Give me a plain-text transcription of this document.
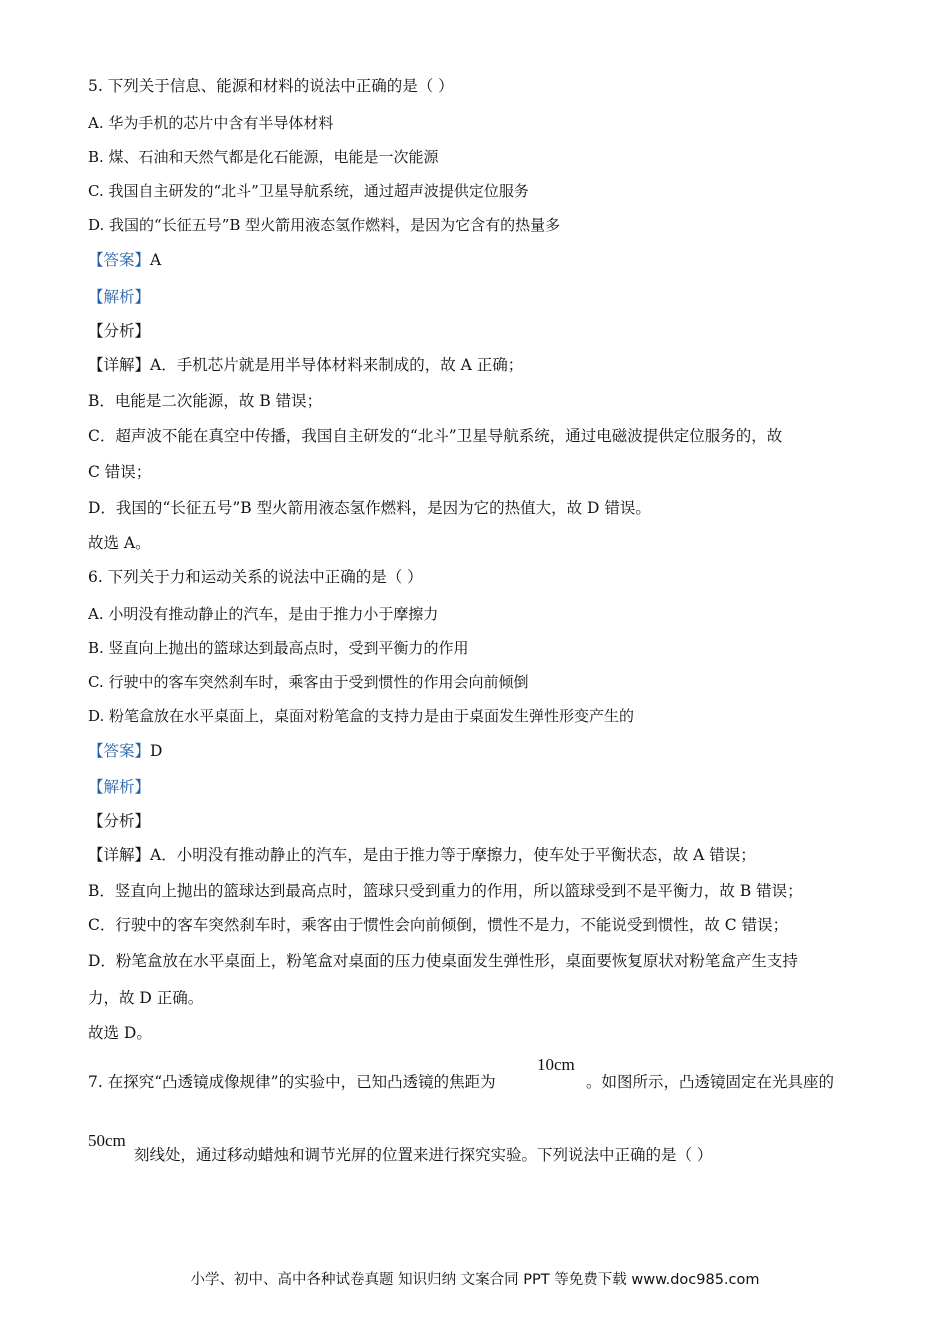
5. 下列关于信息、能源和材料的说法中正确的是（ ）
A. 华为手机的芯片中含有半导体材料
B. 煤、石油和天然气都是化石能源，电能是一次能源
C. 我国自主研发的“北斗”卫星导航系统，通过超声波提供定位服务
D. 我国的“长征五号”B 型火箭用液态氢作燃料，是因为它含有的热量多
【答案】A
【解析】
【分析】
【详解】A．手机芯片就是用半导体材料来制成的，故 A 正确；
B．电能是二次能源，故 B 错误；
C．超声波不能在真空中传播，我国自主研发的“北斗”卫星导航系统，通过电磁波提供定位服务的，故
C 错误；
D．我国的“长征五号”B 型火箭用液态氢作燃料，是因为它的热值大，故 D 错误。
故选 A。
6. 下列关于力和运动关系的说法中正确的是（ ）
A. 小明没有推动静止的汽车，是由于推力小于摩擦力
B. 竖直向上抛出的篮球达到最高点时，受到平衡力的作用
C. 行驶中的客车突然刹车时，乘客由于受到惯性的作用会向前倾倒
D. 粉笔盒放在水平桌面上，桌面对粉笔盒的支持力是由于桌面发生弹性形变产生的
【答案】D
【解析】
【分析】
【详解】A．小明没有推动静止的汽车，是由于推力等于摩擦力，使车处于平衡状态，故 A 错误；
B．竖直向上抛出的篮球达到最高点时，篮球只受到重力的作用，所以篮球受到不是平衡力，故 B 错误；
C．行驶中的客车突然刹车时，乘客由于惯性会向前倾倒，惯性不是力，不能说受到惯性，故 C 错误；
D．粉笔盒放在水平桌面上，粉笔盒对桌面的压力使桌面发生弹性形，桌面要恢复原状对粉笔盒产生支持
力，故 D 正确。
故选 D。
7. 在探究“凸透镜成像规律”的实验中，已知凸透镜的焦距为
10cm
。如图所示，凸透镜固定在光具座的
50cm
刻线处，通过移动蜡烛和调节光屏的位置来进行探究实验。下列说法中正确的是（ ）
小学、初中、高中各种试卷真题 知识归纳 文案合同 PPT 等免费下载 www.doc985.com
